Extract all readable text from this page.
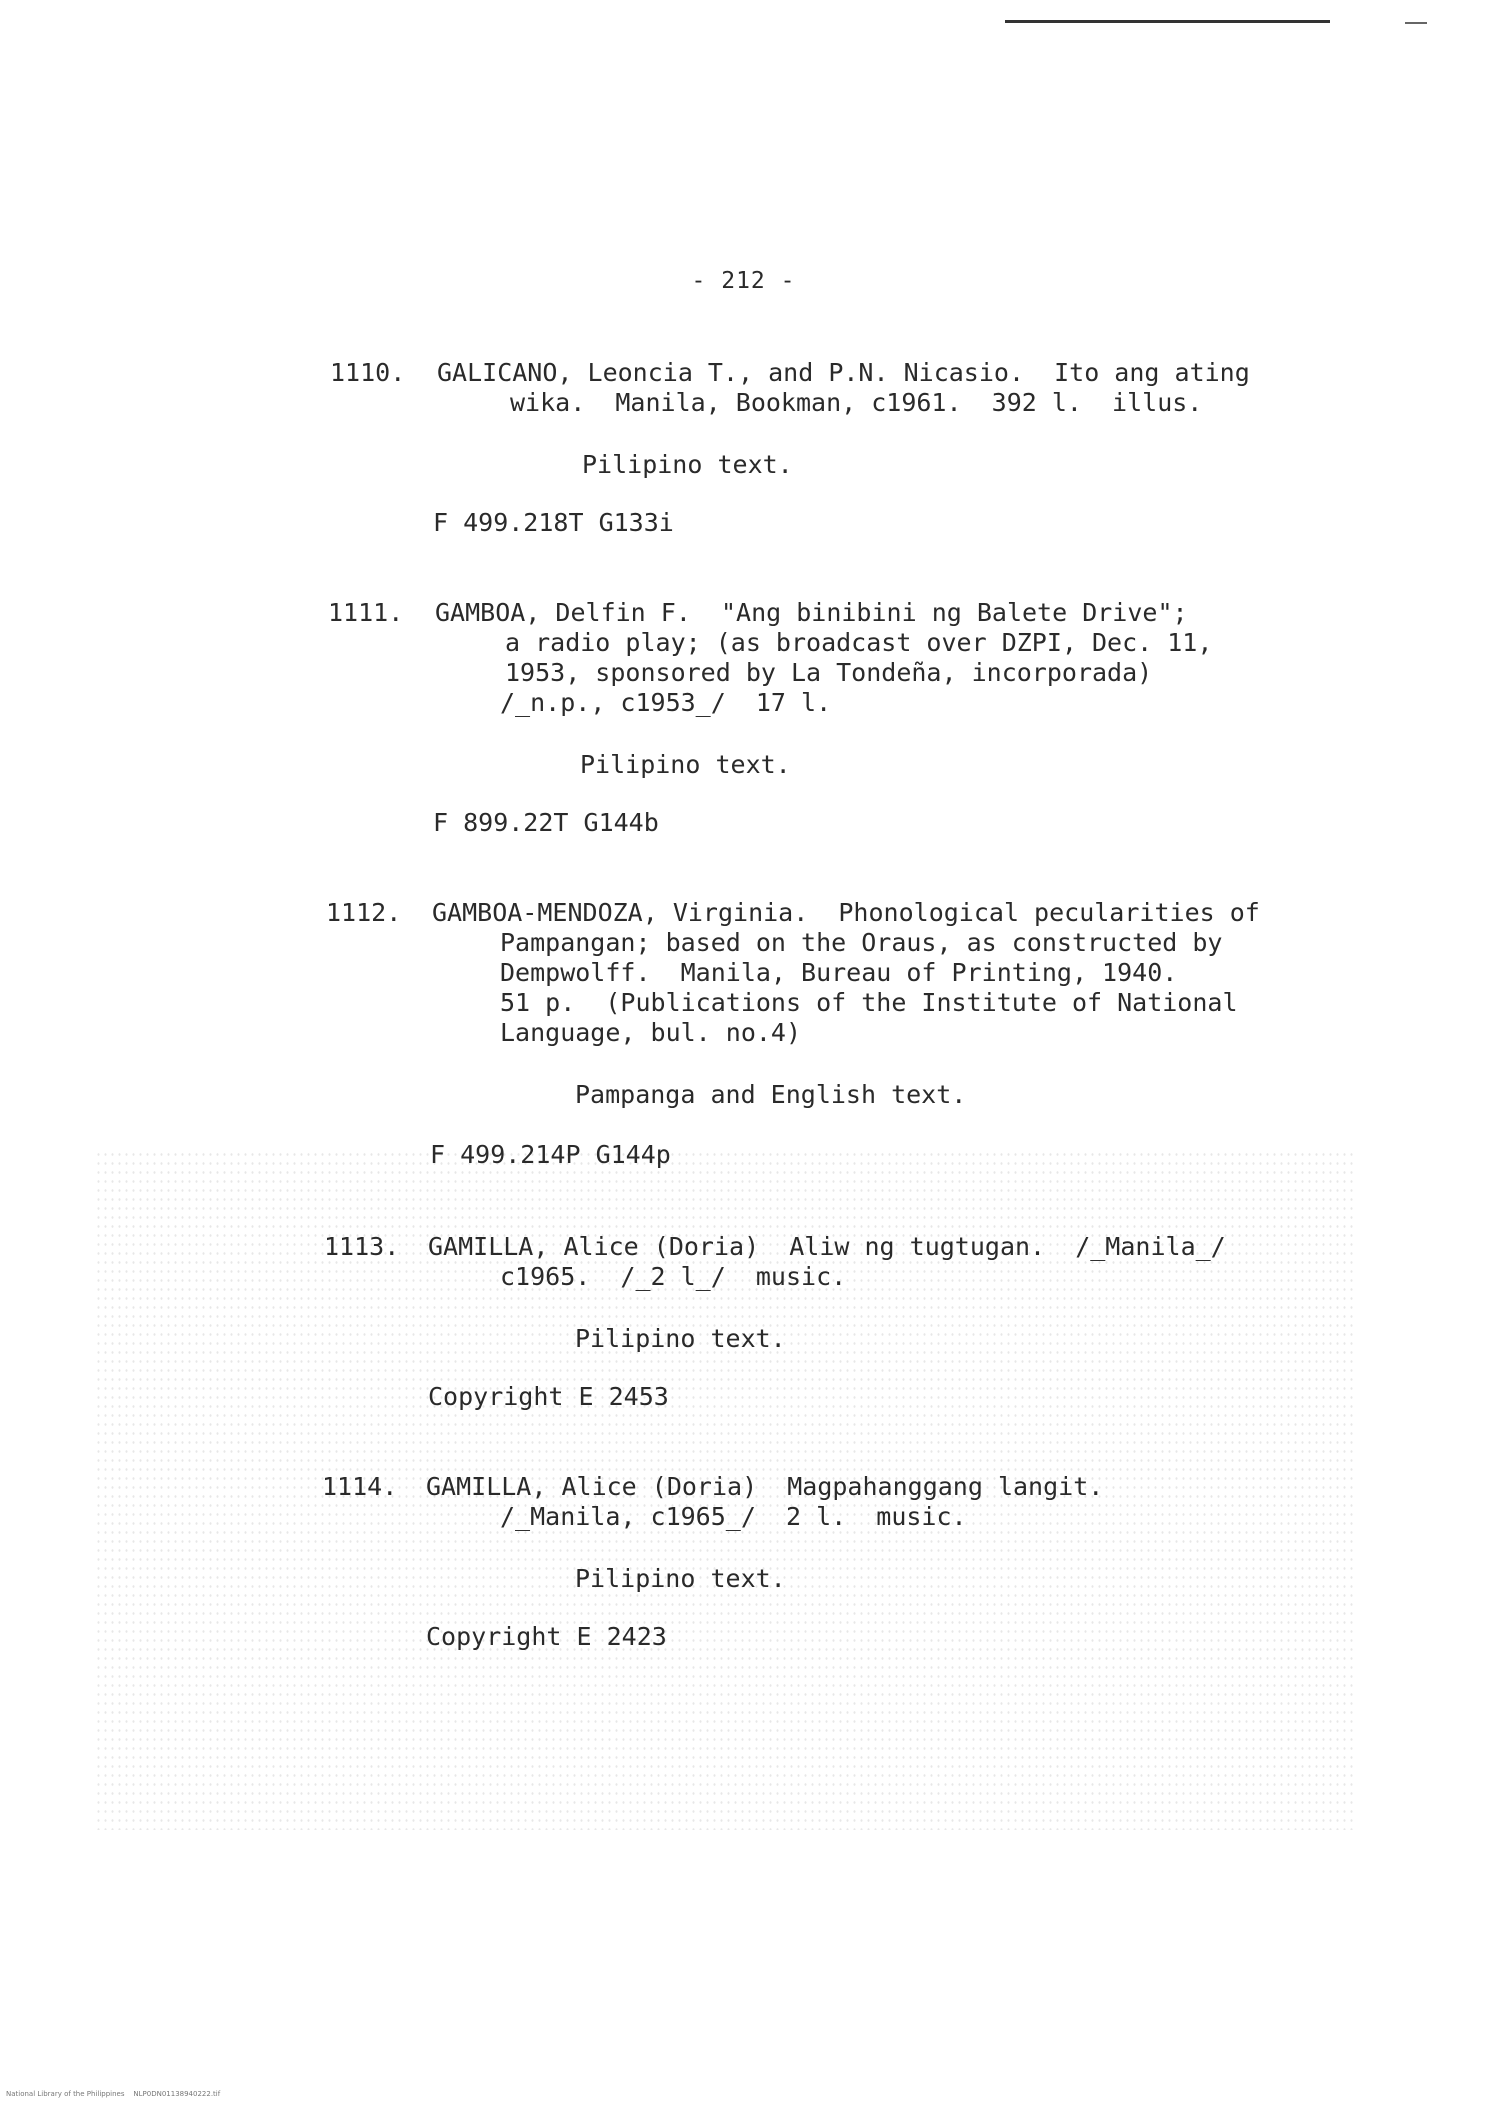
- 212 -
1110. GALICANO, Leoncia T., and P.N. Nicasio.  Ito ang ating
wika.  Manila, Bookman, c1961.  392 l.  illus.
Pilipino text.
F 499.218T G133i
1111. GAMBOA, Delfin F.  "Ang binibini ng Balete Drive";
a radio play; (as broadcast over DZPI, Dec. 11,
1953, sponsored by La Tondeña, incorporada)
/_n.p., c1953_/  17 l.
Pilipino text.
F 899.22T G144b
1112. GAMBOA-MENDOZA, Virginia.  Phonological pecularities of
Pampangan; based on the Oraus, as constructed by
Dempwolff.  Manila, Bureau of Printing, 1940.
51 p.  (Publications of the Institute of National
Language, bul. no.4)
Pampanga and English text.
F 499.214P G144p
1113. GAMILLA, Alice (Doria)  Aliw ng tugtugan.  /_Manila_/
c1965.  /_2 l_/  music.
Pilipino text.
Copyright E 2453
1114. GAMILLA, Alice (Doria)  Magpahanggang langit.
/_Manila, c1965_/  2 l.  music.
Pilipino text.
Copyright E 2423
National Library of the Philippines    NLP0DN01138940222.tif
